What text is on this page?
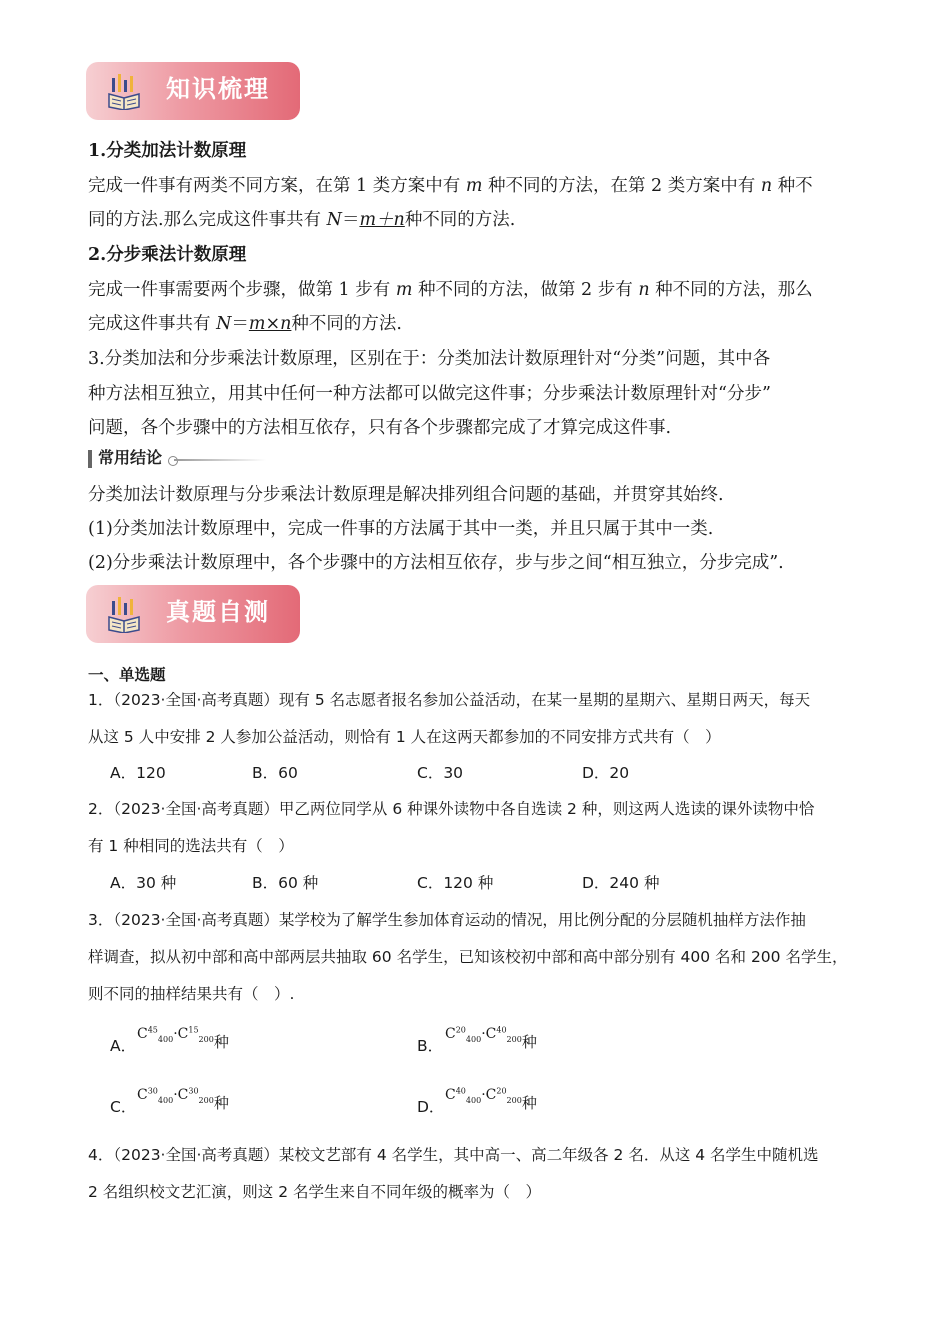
知识梳理
1.分类加法计数原理
完成一件事有两类不同方案，在第 1 类方案中有 m 种不同的方法，在第 2 类方案中有 n 种不
同的方法.那么完成这件事共有 N＝m＋n种不同的方法.
2.分步乘法计数原理
完成一件事需要两个步骤，做第 1 步有 m 种不同的方法，做第 2 步有 n 种不同的方法，那么
完成这件事共有 N＝m×n种不同的方法.
3.分类加法和分步乘法计数原理，区别在于：分类加法计数原理针对“分类”问题，其中各
种方法相互独立，用其中任何一种方法都可以做完这件事；分步乘法计数原理针对“分步”
问题，各个步骤中的方法相互依存，只有各个步骤都完成了才算完成这件事.
常用结论
分类加法计数原理与分步乘法计数原理是解决排列组合问题的基础，并贯穿其始终.
(1)分类加法计数原理中，完成一件事的方法属于其中一类，并且只属于其中一类.
(2)分步乘法计数原理中，各个步骤中的方法相互依存，步与步之间“相互独立，分步完成”.
真题自测
一、单选题
1．（2023·全国·高考真题）现有 5 名志愿者报名参加公益活动，在某一星期的星期六、星期日两天，每天
从这 5 人中安排 2 人参加公益活动，则恰有 1 人在这两天都参加的不同安排方式共有（　）
A．120	B．60	C．30	D．20
2．（2023·全国·高考真题）甲乙两位同学从 6 种课外读物中各自选读 2 种，则这两人选读的课外读物中恰
有 1 种相同的选法共有（　）
A．30 种	B．60 种	C．120 种	D．240 种
3．（2023·全国·高考真题）某学校为了解学生参加体育运动的情况，用比例分配的分层随机抽样方法作抽
样调查，拟从初中部和高中部两层共抽取 60 名学生，已知该校初中部和高中部分别有 400 名和 200 名学生，
则不同的抽样结果共有（　）.
A．
$C^{45}_{400}\cdot C^{15}_{200}$种	B．
$C^{20}_{400}\cdot C^{40}_{200}$种
C．
$C^{30}_{400}\cdot C^{30}_{200}$种	D．
$C^{40}_{400}\cdot C^{20}_{200}$种
4．（2023·全国·高考真题）某校文艺部有 4 名学生，其中高一、高二年级各 2 名．从这 4 名学生中随机选
2 名组织校文艺汇演，则这 2 名学生来自不同年级的概率为（　）
